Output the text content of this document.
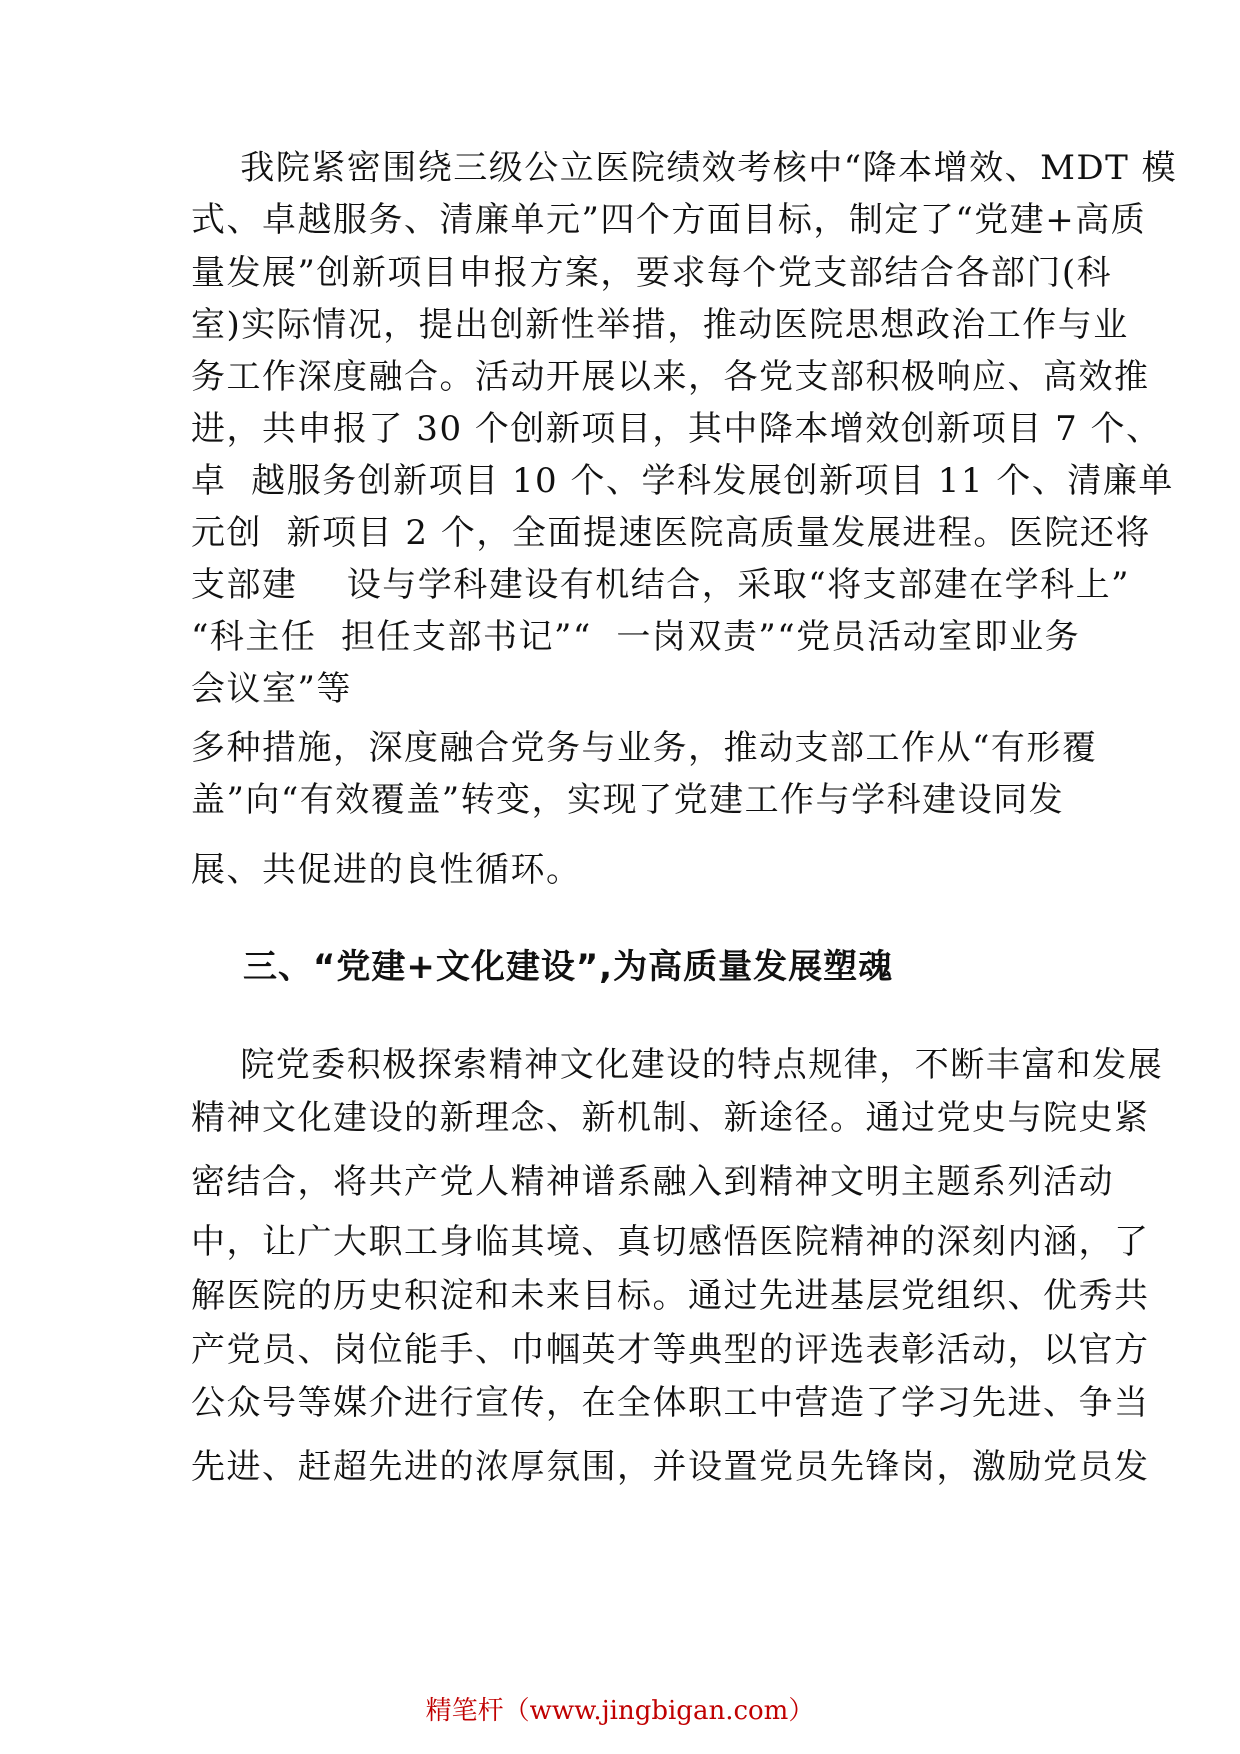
我院紧密围绕三级公立医院绩效考核中“降本增效、MDT 模
式、卓越服务、清廉单元”四个方面目标，制定了“党建+高质
量发展”创新项目申报方案，要求每个党支部结合各部门(科
室)实际情况，提出创新性举措，推动医院思想政治工作与业
务工作深度融合。活动开展以来，各党支部积极响应、高效推
进，共申报了 30 个创新项目，其中降本增效创新项目 7 个、
卓  越服务创新项目 10 个、学科发展创新项目 11 个、清廉单
元创  新项目 2 个，全面提速医院高质量发展进程。医院还将
支部建    设与学科建设有机结合，采取“将支部建在学科上”
“科主任  担任支部书记”“  一岗双责”“党员活动室即业务
会议室”等
多种措施，深度融合党务与业务，推动支部工作从“有形覆
盖”向“有效覆盖”转变，实现了党建工作与学科建设同发
展、共促进的良性循环。
三、“党建+文化建设”,为高质量发展塑魂
院党委积极探索精神文化建设的特点规律，不断丰富和发展
精神文化建设的新理念、新机制、新途径。通过党史与院史紧
密结合，将共产党人精神谱系融入到精神文明主题系列活动
中，让广大职工身临其境、真切感悟医院精神的深刻内涵，了
解医院的历史积淀和未来目标。通过先进基层党组织、优秀共
产党员、岗位能手、巾帼英才等典型的评选表彰活动，以官方
公众号等媒介进行宣传，在全体职工中营造了学习先进、争当
先进、赶超先进的浓厚氛围，并设置党员先锋岗，激励党员发
精笔杆（www.jingbigan.com）
